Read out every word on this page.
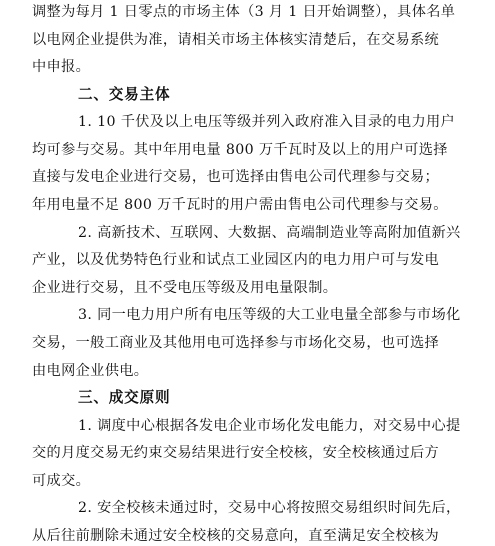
调整为每月 1 日零点的市场主体（3 月 1 日开始调整），具体名单
以电网企业提供为准，请相关市场主体核实清楚后，在交易系统
中申报。
二、交易主体
1. 10 千伏及以上电压等级并列入政府准入目录的电力用户
均可参与交易。其中年用电量 800 万千瓦时及以上的用户可选择
直接与发电企业进行交易，也可选择由售电公司代理参与交易；
年用电量不足 800 万千瓦时的用户需由售电公司代理参与交易。
2. 高新技术、互联网、大数据、高端制造业等高附加值新兴
产业，以及优势特色行业和试点工业园区内的电力用户可与发电
企业进行交易，且不受电压等级及用电量限制。
3. 同一电力用户所有电压等级的大工业电量全部参与市场化
交易，一般工商业及其他用电可选择参与市场化交易，也可选择
由电网企业供电。
三、成交原则
1. 调度中心根据各发电企业市场化发电能力，对交易中心提
交的月度交易无约束交易结果进行安全校核，安全校核通过后方
可成交。
2. 安全校核未通过时，交易中心将按照交易组织时间先后，
从后往前删除未通过安全校核的交易意向，直至满足安全校核为
